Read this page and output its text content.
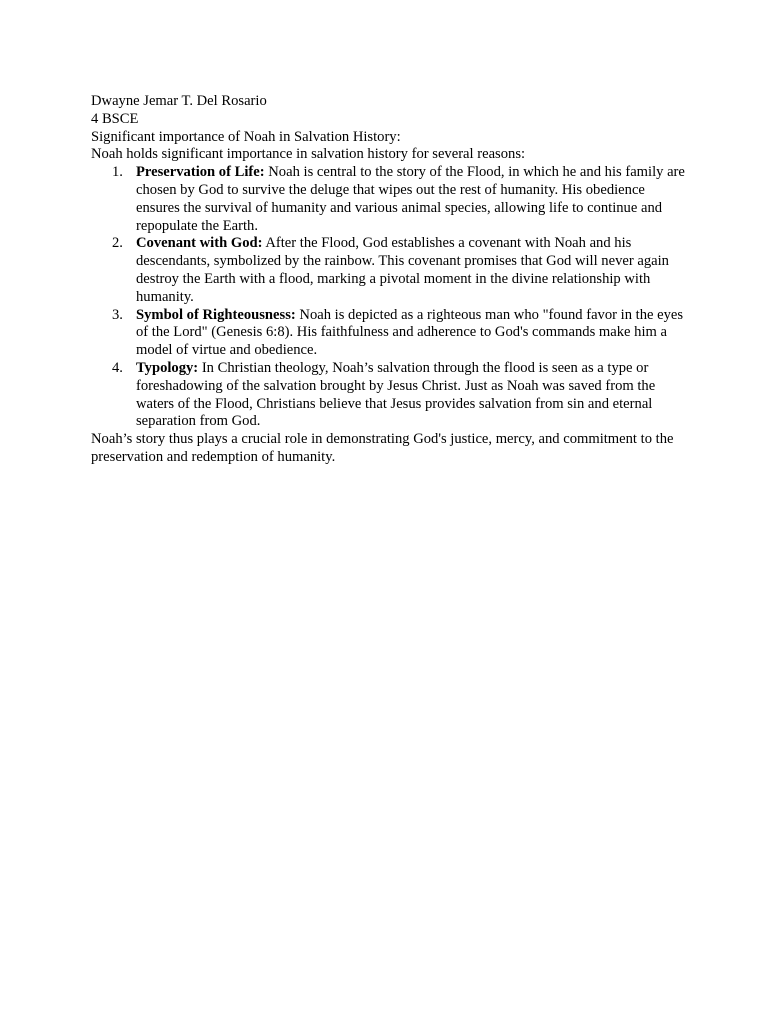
Dwayne Jemar T. Del Rosario

4 BSCE

Significant importance of Noah in Salvation History:

Noah holds significant importance in salvation history for several reasons:

1. Preservation of Life: Noah is central to the story of the Flood, in which he and his family are chosen by God to survive the deluge that wipes out the rest of humanity. His obedience ensures the survival of humanity and various animal species, allowing life to continue and repopulate the Earth.
2. Covenant with God: After the Flood, God establishes a covenant with Noah and his descendants, symbolized by the rainbow. This covenant promises that God will never again destroy the Earth with a flood, marking a pivotal moment in the divine relationship with humanity.
3. Symbol of Righteousness: Noah is depicted as a righteous man who "found favor in the eyes of the Lord" (Genesis 6:8). His faithfulness and adherence to God's commands make him a model of virtue and obedience.
4. Typology: In Christian theology, Noah’s salvation through the flood is seen as a type or foreshadowing of the salvation brought by Jesus Christ. Just as Noah was saved from the waters of the Flood, Christians believe that Jesus provides salvation from sin and eternal separation from God.

Noah’s story thus plays a crucial role in demonstrating God's justice, mercy, and commitment to the preservation and redemption of humanity.
